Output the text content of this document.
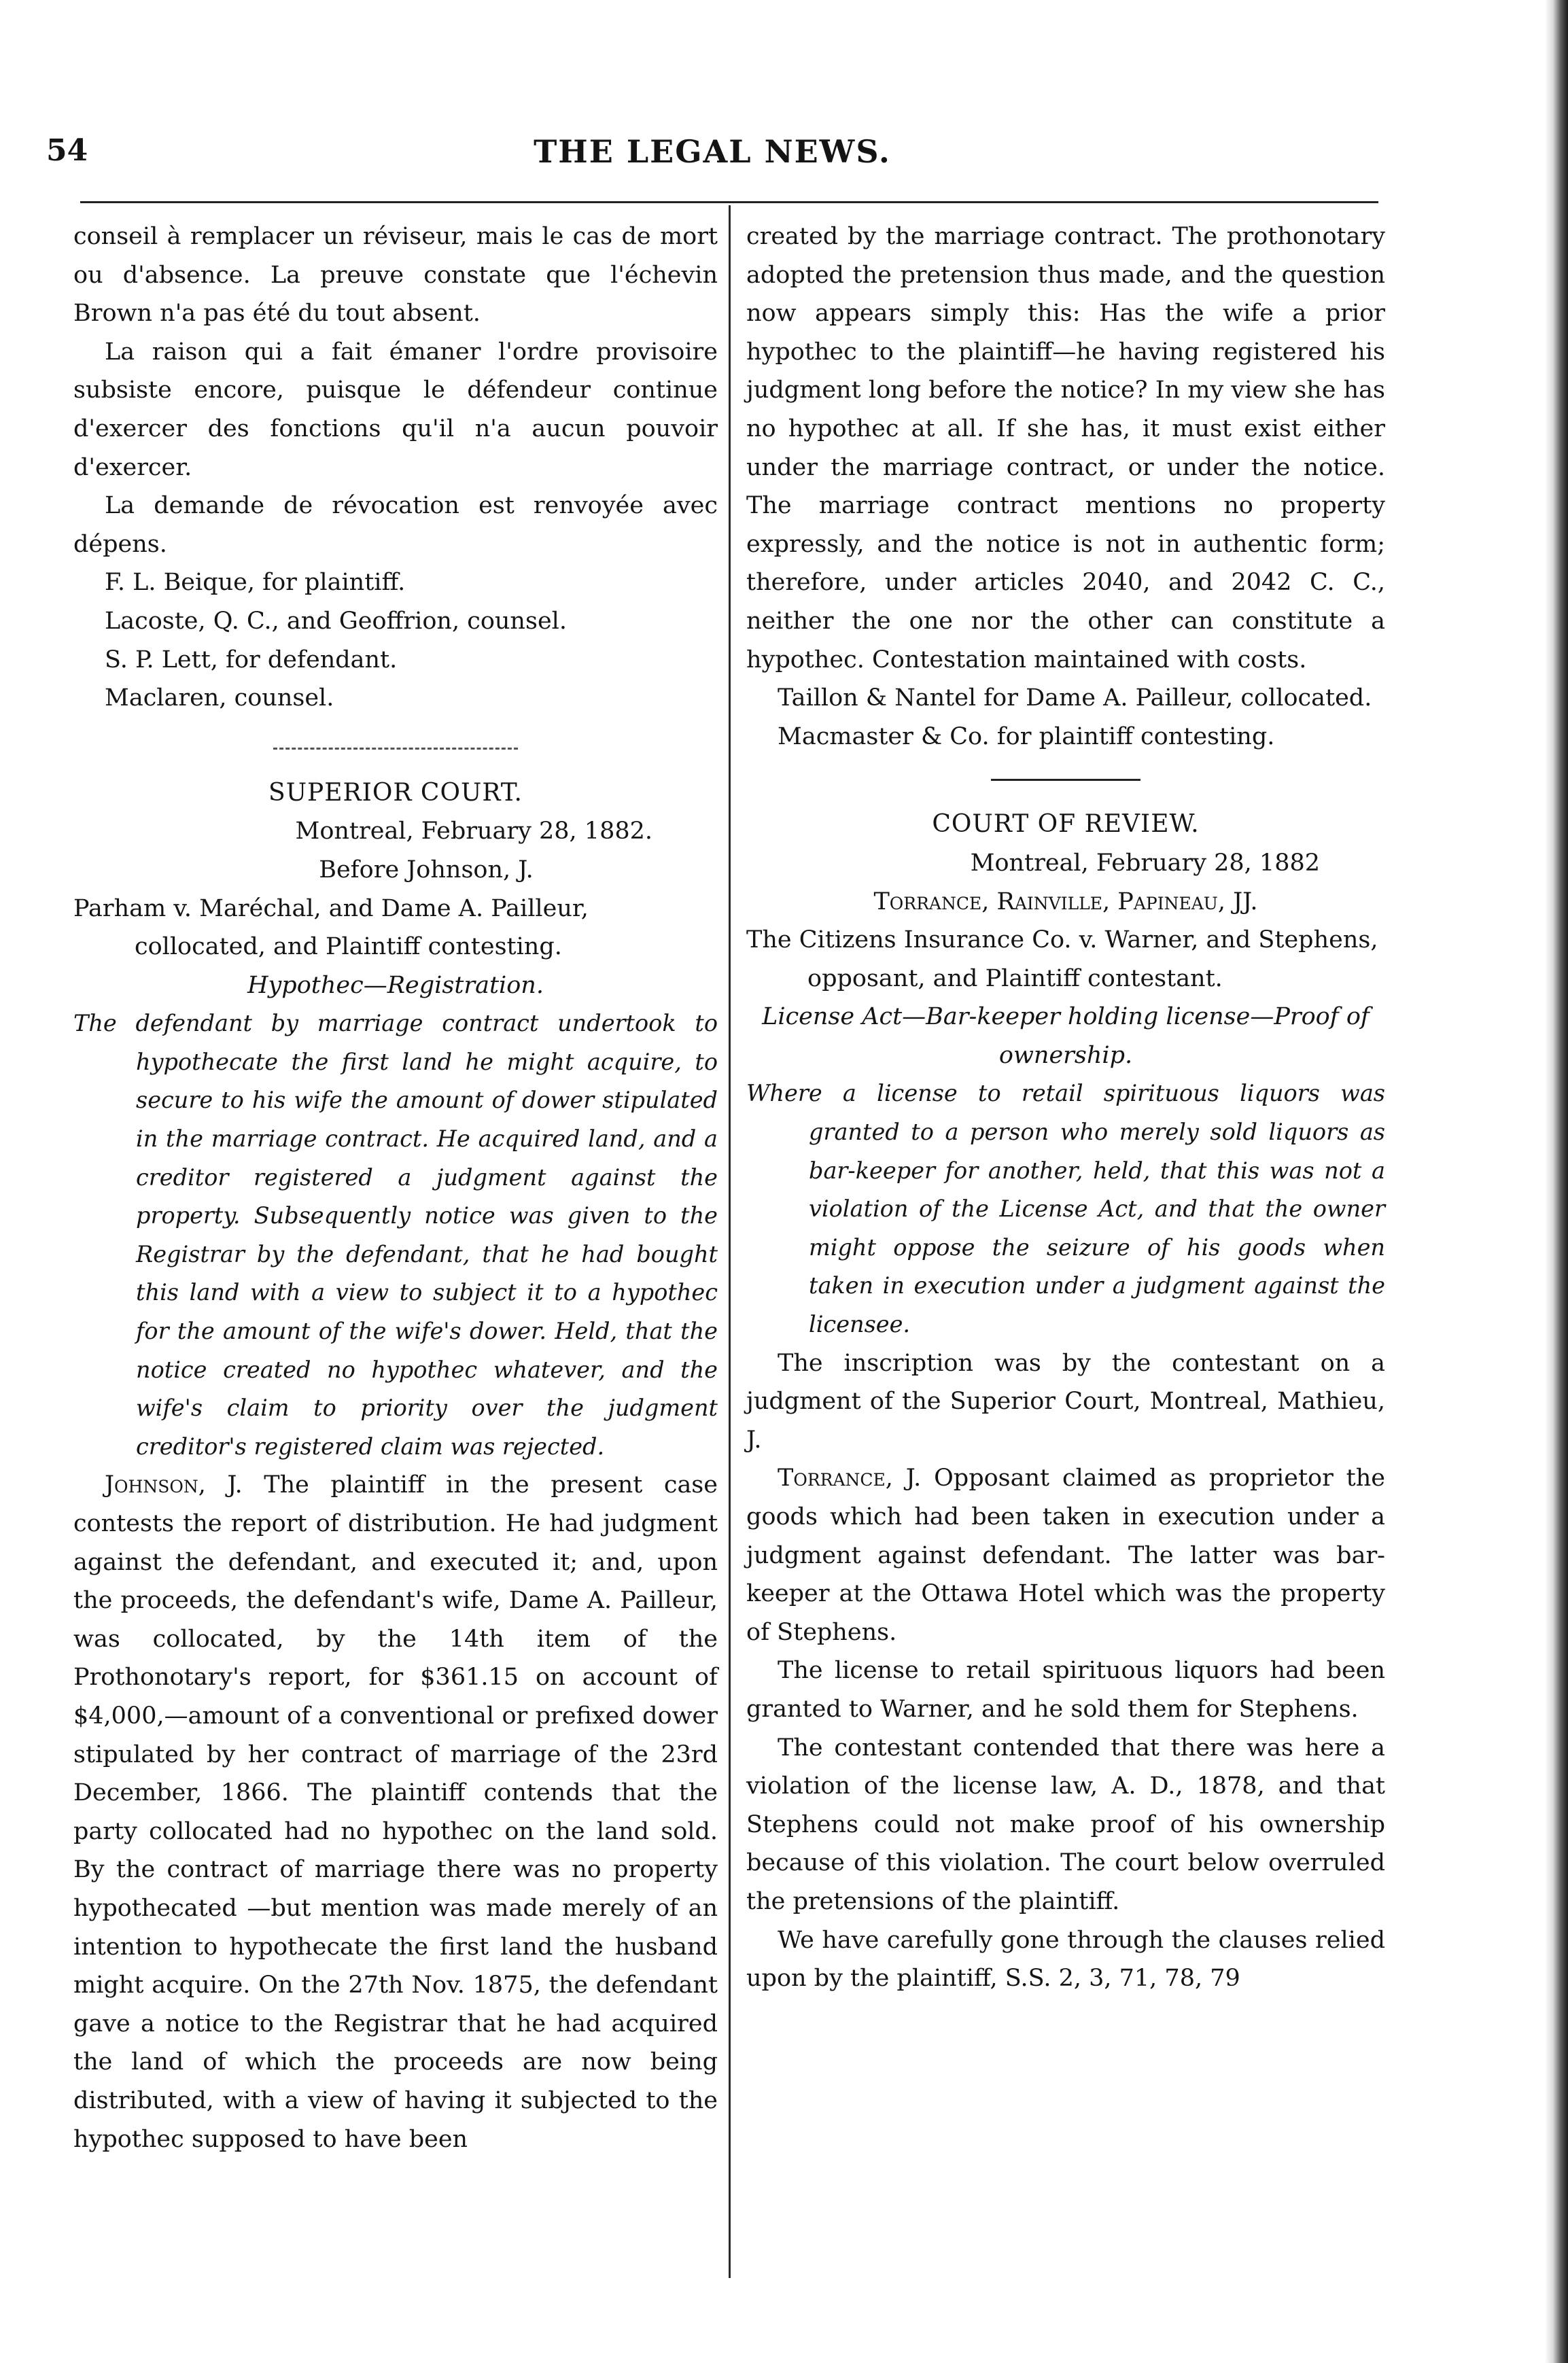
THE LEGAL NEWS.
54

conseil à remplacer un réviseur, mais le cas de mort ou d'absence. La preuve constate que l'échevin Brown n'a pas été du tout absent.

La raison qui a fait émaner l'ordre provisoire subsiste encore, puisque le défendeur continue d'exercer des fonctions qu'il n'a aucun pouvoir d'exercer.

La demande de révocation est renvoyée avec dépens.

F. L. Beique, for plaintiff.

Lacoste, Q. C., and Geoffrion, counsel.

S. P. Lett, for defendant.

Maclaren, counsel.

SUPERIOR COURT.

Montreal, February 28, 1882.

Before Johnson, J.

Parham v. Maréchal, and Dame A. Pailleur, collocated, and Plaintiff contesting.

Hypothec—Registration.

The defendant by marriage contract undertook to hypothecate the first land he might acquire, to secure to his wife the amount of dower stipulated in the marriage contract. He acquired land, and a creditor registered a judgment against the property. Subsequently notice was given to the Registrar by the defendant, that he had bought this land with a view to subject it to a hypothec for the amount of the wife's dower. Held, that the notice created no hypothec whatever, and the wife's claim to priority over the judgment creditor's registered claim was rejected.

Johnson, J. The plaintiff in the present case contests the report of distribution. He had judgment against the defendant, and executed it; and, upon the proceeds, the defendant's wife, Dame A. Pailleur, was collocated, by the 14th item of the Prothonotary's report, for $361.15 on account of $4,000,—amount of a conventional or prefixed dower stipulated by her contract of marriage of the 23rd December, 1866. The plaintiff contends that the party collocated had no hypothec on the land sold. By the contract of marriage there was no property hypothecated —but mention was made merely of an intention to hypothecate the first land the husband might acquire. On the 27th Nov. 1875, the defendant gave a notice to the Registrar that he had acquired the land of which the proceeds are now being distributed, with a view of having it subjected to the hypothec supposed to have been

created by the marriage contract. The prothonotary adopted the pretension thus made, and the question now appears simply this: Has the wife a prior hypothec to the plaintiff—he having registered his judgment long before the notice? In my view she has no hypothec at all. If she has, it must exist either under the marriage contract, or under the notice. The marriage contract mentions no property expressly, and the notice is not in authentic form; therefore, under articles 2040, and 2042 C. C., neither the one nor the other can constitute a hypothec. Contestation maintained with costs.

Taillon & Nantel for Dame A. Pailleur, collocated.

Macmaster & Co. for plaintiff contesting.

COURT OF REVIEW.

Montreal, February 28, 1882

Torrance, Rainville, Papineau, JJ.

The Citizens Insurance Co. v. Warner, and Stephens, opposant, and Plaintiff contestant.

License Act—Bar-keeper holding license—Proof of ownership.

Where a license to retail spirituous liquors was granted to a person who merely sold liquors as bar-keeper for another, held, that this was not a violation of the License Act, and that the owner might oppose the seizure of his goods when taken in execution under a judgment against the licensee.

The inscription was by the contestant on a judgment of the Superior Court, Montreal, Mathieu, J.

Torrance, J. Opposant claimed as proprietor the goods which had been taken in execution under a judgment against defendant. The latter was bar-keeper at the Ottawa Hotel which was the property of Stephens.

The license to retail spirituous liquors had been granted to Warner, and he sold them for Stephens.

The contestant contended that there was here a violation of the license law, A. D., 1878, and that Stephens could not make proof of his ownership because of this violation. The court below overruled the pretensions of the plaintiff.

We have carefully gone through the clauses relied upon by the plaintiff, S.S. 2, 3, 71, 78, 79
